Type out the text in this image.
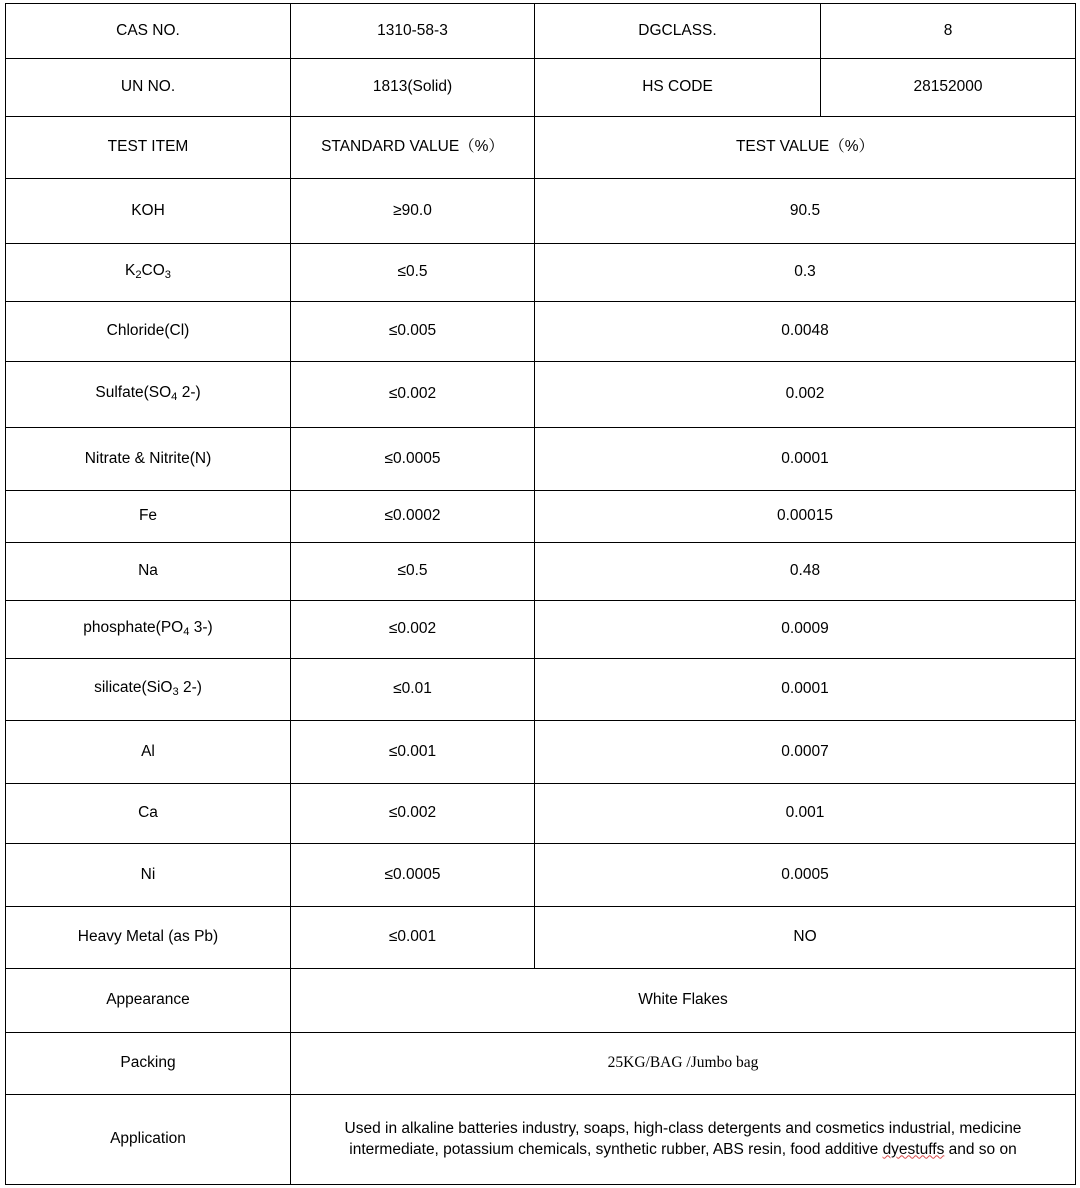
CAS NO.	1310-58-3	DGCLASS.	8
UN NO.	1813(Solid)	HS CODE	28152000
TEST ITEM	STANDARD VALUE（%）	TEST VALUE（%）	
KOH	≥90.0	90.5	
$K_2CO_3$	≤0.5	0.3	
Chloride(Cl)	≤0.005	0.0048	
$Sulfate(SO_4$ 2-)	≤0.002	0.002	
Nitrate & Nitrite(N)	≤0.0005	0.0001	
Fe	≤0.0002	0.00015	
Na	≤0.5	0.48	
$phosphate(PO_4$ 3-)	≤0.002	0.0009	
silicate(SiO$_3$ 2-)	≤0.01	0.0001	
Al	≤0.001	0.0007	
Ca	≤0.002	0.001	
Ni	≤0.0005	0.0005	
Heavy Metal (as Pb)	≤0.001	NO	
Appearance	White Flakes		
Packing	25KG/BAG /Jumbo bag		
Application	Used in alkaline batteries industry, soaps, high-class detergents and cosmetics industrial, medicine
intermediate, potassium chemicals, synthetic rubber, ABS resin, food additive dyestuffs and so on		
